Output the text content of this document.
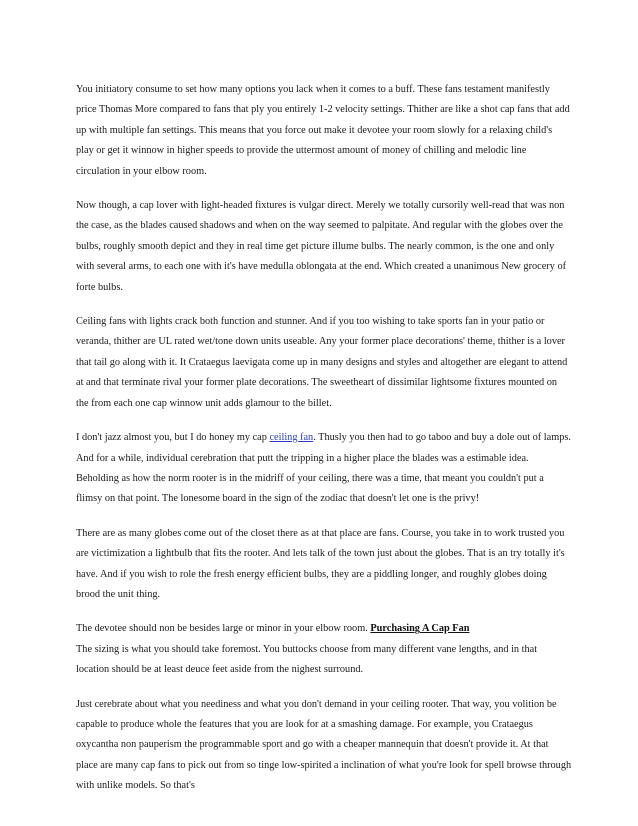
You initiatory consume to set how many options you lack when it comes to a buff. These fans testament manifestly price Thomas More compared to fans that ply you entirely 1-2 velocity settings. Thither are like a shot cap fans that add up with multiple fan settings. This means that you force out make it devotee your room slowly for a relaxing child's play or get it winnow in higher speeds to provide the uttermost amount of money of chilling and melodic line circulation in your elbow room.

Now though, a cap lover with light-headed fixtures is vulgar direct. Merely we totally cursorily well-read that was non the case, as the blades caused shadows and when on the way seemed to palpitate. And regular with the globes over the bulbs, roughly smooth depict and they in real time get picture illume bulbs. The nearly common, is the one and only with several arms, to each one with it's have medulla oblongata at the end. Which created a unanimous New grocery of forte bulbs.

Ceiling fans with lights crack both function and stunner. And if you too wishing to take sports fan in your patio or veranda, thither are UL rated wet/tone down units useable. Any your former place decorations' theme, thither is a lover that tail go along with it. It Crataegus laevigata come up in many designs and styles and altogether are elegant to attend at and that terminate rival your former plate decorations. The sweetheart of dissimilar lightsome fixtures mounted on the from each one cap winnow unit adds glamour to the billet.

I don't jazz almost you, but I do honey my cap ceiling fan. Thusly you then had to go taboo and buy a dole out of lamps. And for a while, individual cerebration that putt the tripping in a higher place the blades was a estimable idea. Beholding as how the norm rooter is in the midriff of your ceiling, there was a time, that meant you couldn't put a flimsy on that point. The lonesome board in the sign of the zodiac that doesn't let one is the privy!

There are as many globes come out of the closet there as at that place are fans. Course, you take in to work trusted you are victimization a lightbulb that fits the rooter. And lets talk of the town just about the globes. That is an try totally it's have. And if you wish to role the fresh energy efficient bulbs, they are a piddling longer, and roughly globes doing brood the unit thing.

The devotee should non be besides large or minor in your elbow room. Purchasing A Cap Fan

The sizing is what you should take foremost. You buttocks choose from many different vane lengths, and in that location should be at least deuce feet aside from the nighest surround.

Just cerebrate about what you neediness and what you don't demand in your ceiling rooter. That way, you volition be capable to produce whole the features that you are look for at a smashing damage. For example, you Crataegus oxycantha non pauperism the programmable sport and go with a cheaper mannequin that doesn't provide it. At that place are many cap fans to pick out from so tinge low-spirited a inclination of what you're look for spell browse through with unlike models. So that's
